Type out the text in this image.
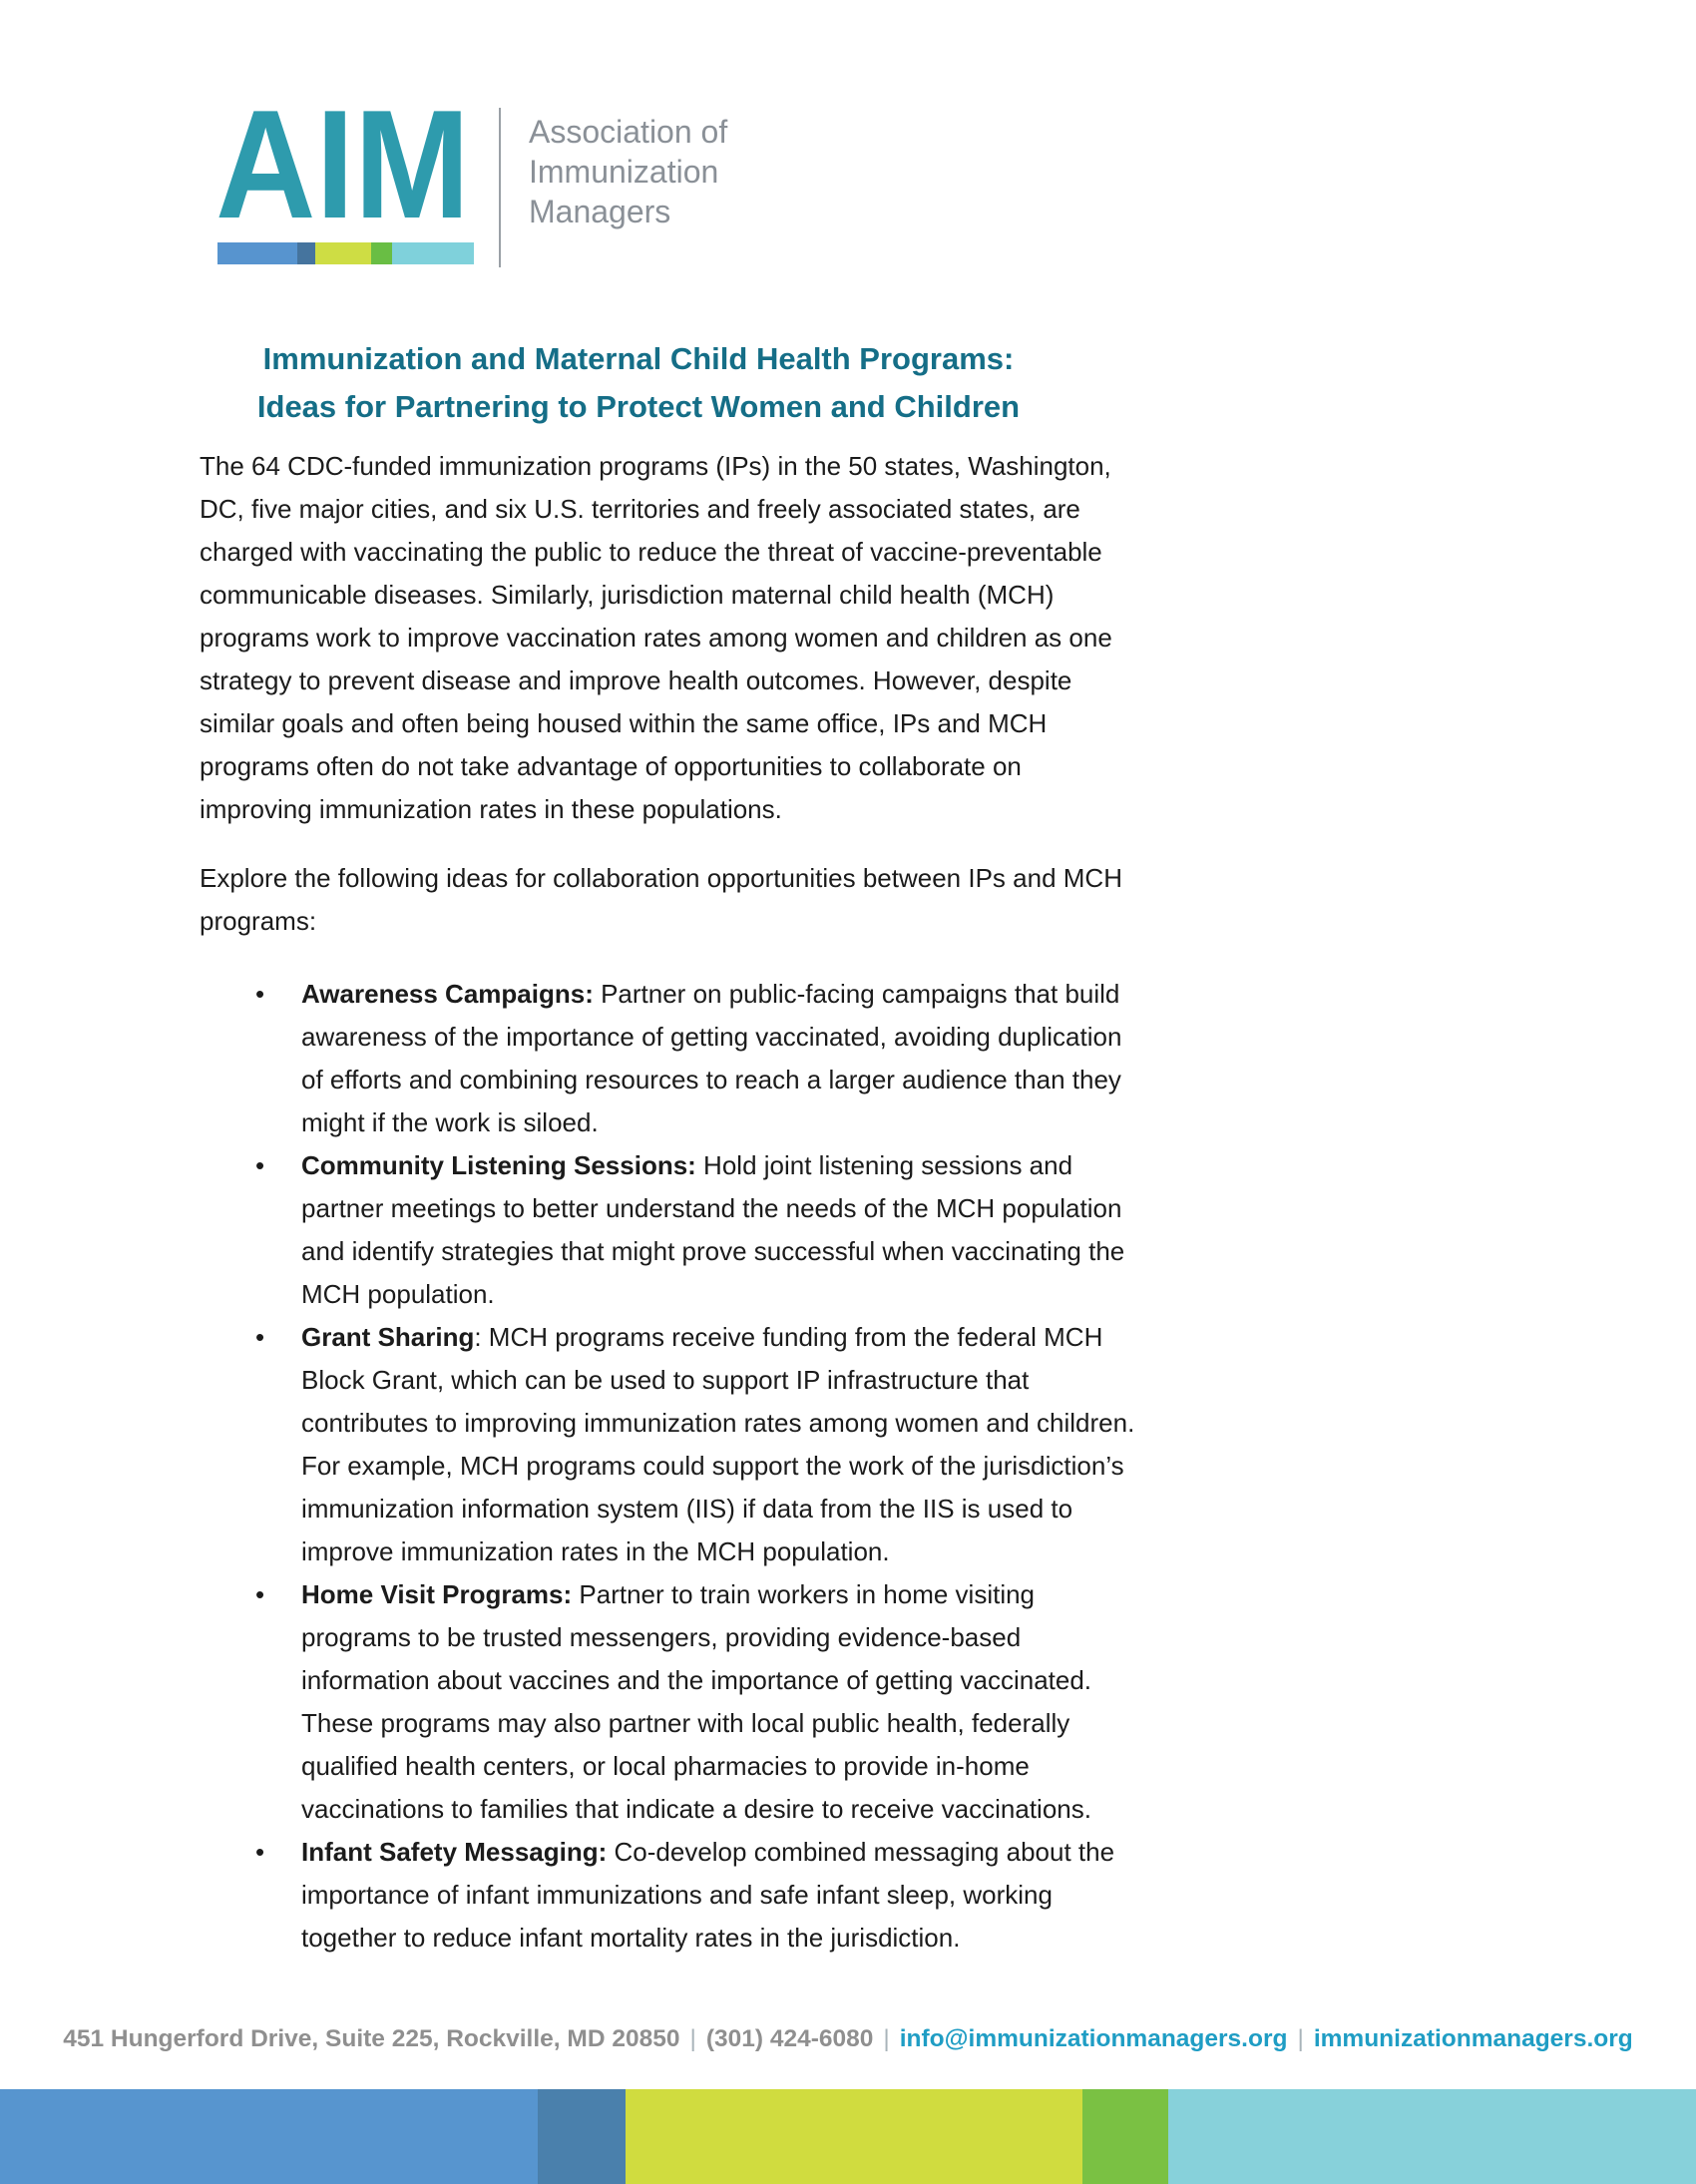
AIM Association of
Immunization
Managers
Immunization and Maternal Child Health Programs:
Ideas for Partnering to Protect Women and Children

The 64 CDC-funded immunization programs (IPs) in the 50 states, Washington, DC, five major cities, and six U.S. territories and freely associated states, are charged with vaccinating the public to reduce the threat of vaccine-preventable communicable diseases. Similarly, jurisdiction maternal child health (MCH) programs work to improve vaccination rates among women and children as one strategy to prevent disease and improve health outcomes. However, despite similar goals and often being housed within the same office, IPs and MCH programs often do not take advantage of opportunities to collaborate on improving immunization rates in these populations.

Explore the following ideas for collaboration opportunities between IPs and MCH programs:

• Awareness Campaigns: Partner on public-facing campaigns that build awareness of the importance of getting vaccinated, avoiding duplication of efforts and combining resources to reach a larger audience than they might if the work is siloed.
• Community Listening Sessions: Hold joint listening sessions and partner meetings to better understand the needs of the MCH population and identify strategies that might prove successful when vaccinating the MCH population.
• Grant Sharing: MCH programs receive funding from the federal MCH Block Grant, which can be used to support IP infrastructure that contributes to improving immunization rates among women and children. For example, MCH programs could support the work of the jurisdiction’s immunization information system (IIS) if data from the IIS is used to improve immunization rates in the MCH population.
• Home Visit Programs: Partner to train workers in home visiting programs to be trusted messengers, providing evidence-based information about vaccines and the importance of getting vaccinated. These programs may also partner with local public health, federally qualified health centers, or local pharmacies to provide in-home vaccinations to families that indicate a desire to receive vaccinations.
• Infant Safety Messaging: Co-develop combined messaging about the importance of infant immunizations and safe infant sleep, working together to reduce infant mortality rates in the jurisdiction.
451 Hungerford Drive, Suite 225, Rockville, MD 20850 | (301) 424-6080 | info@immunizationmanagers.org | immunizationmanagers.org
